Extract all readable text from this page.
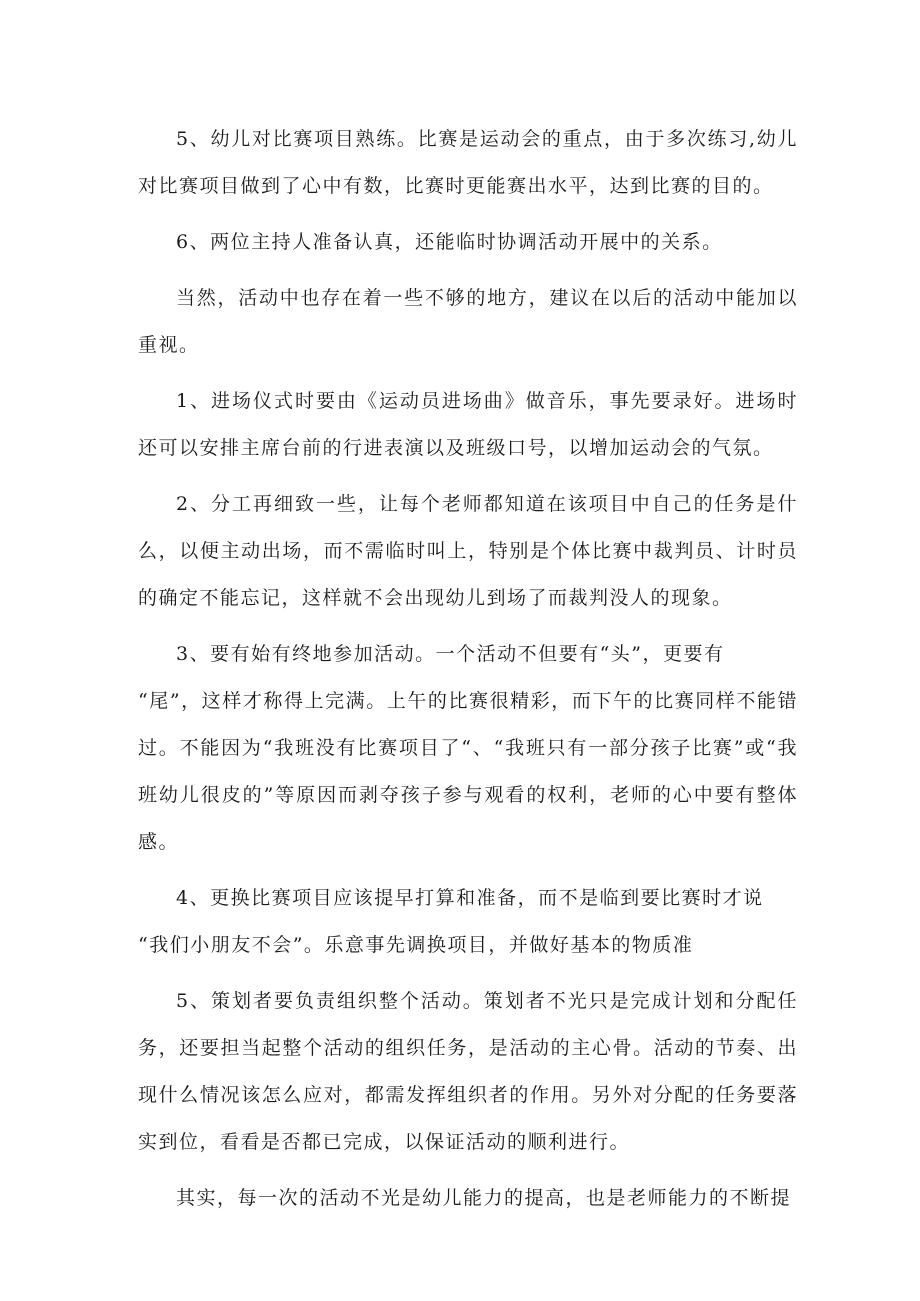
5、幼儿对比赛项目熟练。比赛是运动会的重点，由于多次练习,幼儿对比赛项目做到了心中有数，比赛时更能赛出水平，达到比赛的目的。

6、两位主持人准备认真，还能临时协调活动开展中的关系。

当然，活动中也存在着一些不够的地方，建议在以后的活动中能加以重视。

1、进场仪式时要由《运动员进场曲》做音乐，事先要录好。进场时还可以安排主席台前的行进表演以及班级口号，以增加运动会的气氛。

2、分工再细致一些，让每个老师都知道在该项目中自己的任务是什么，以便主动出场，而不需临时叫上，特别是个体比赛中裁判员、计时员的确定不能忘记，这样就不会出现幼儿到场了而裁判没人的现象。

3、要有始有终地参加活动。一个活动不但要有“头”，更要有

“尾”，这样才称得上完满。上午的比赛很精彩，而下午的比赛同样不能错过。不能因为“我班没有比赛项目了“、“我班只有一部分孩子比赛”或“我班幼儿很皮的”等原因而剥夺孩子参与观看的权利，老师的心中要有整体感。

4、更换比赛项目应该提早打算和准备，而不是临到要比赛时才说

“我们小朋友不会”。乐意事先调换项目，并做好基本的物质准

5、策划者要负责组织整个活动。策划者不光只是完成计划和分配任务，还要担当起整个活动的组织任务，是活动的主心骨。活动的节奏、出现什么情况该怎么应对，都需发挥组织者的作用。另外对分配的任务要落实到位，看看是否都已完成，以保证活动的顺利进行。

其实，每一次的活动不光是幼儿能力的提高，也是老师能力的不断提
